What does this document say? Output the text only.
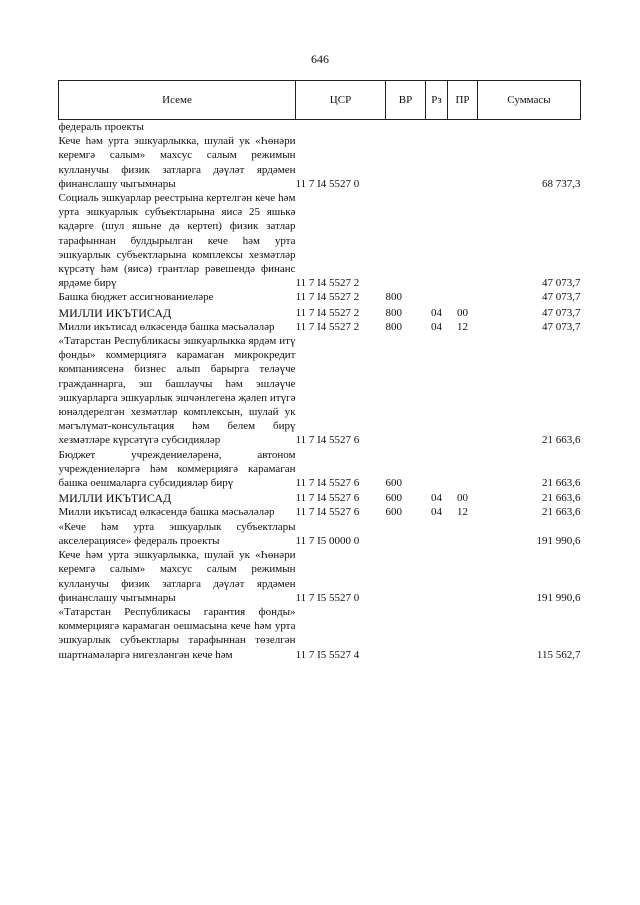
646
Исеме	ЦСР	ВР	Рз	ПР	Суммасы
федераль проекты					
Кече һәм урта эшкуарлыкка, шулай ук «Һөнәри керемгә салым» махсус салым режимын кулланучы физик затларга дәүләт ярдәмен финанслашу чыгымнары	11 7 I4 5527 0				68 737,3
Социаль эшкуарлар реестрына кертелгән кече һәм урта эшкуарлык субъектларына яисә 25 яшькә кадәрге (шул яшьне дә кертеп) физик затлар тарафыннан булдырылган кече һәм урта эшкуарлык субъектларына комплексы хезмәтләр күрсәтү һәм (яисә) грантлар рәвешендә финанс ярдәме бирү	11 7 I4 5527 2				47 073,7
Башка бюджет ассигнованиеләре	11 7 I4 5527 2	800			47 073,7
МИЛЛИ ИКЪТИСАД	11 7 I4 5527 2	800	04	00	47 073,7
Милли икътисад өлкәсендә башка мәсьәләләр	11 7 I4 5527 2	800	04	12	47 073,7
«Татарстан Республикасы эшкуарлыкка ярдәм итү фонды» коммерциягә карамаган микрокредит компаниясенә бизнес алып барырга теләүче гражданнарга, эш башлаучы һәм эшләүче эшкуарларга эшкуарлык эшчәнлегенә җәлеп итүгә юнәлдерелгән хезмәтләр комплексын, шулай ук мәгълүмат-консультация һәм белем бирү хезмәтләре күрсәтүгә субсидияләр	11 7 I4 5527 6				21 663,6
Бюджет учреждениеләренә, автоном учреждениеләргә һәм коммерциягә карамаган башка оешмаларга субсидияләр бирү	11 7 I4 5527 6	600			21 663,6
МИЛЛИ ИКЪТИСАД	11 7 I4 5527 6	600	04	00	21 663,6
Милли икътисад өлкәсендә башка мәсьәләләр	11 7 I4 5527 6	600	04	12	21 663,6
«Кече һәм урта эшкуарлык субъектлары акселерациясе» федераль проекты	11 7 I5 0000 0				191 990,6
Кече һәм урта эшкуарлыкка, шулай ук «Һөнәри керемгә салым» махсус салым режимын кулланучы физик затларга дәүләт ярдәмен финанслашу чыгымнары	11 7 I5 5527 0				191 990,6
«Татарстан Республикасы гарантия фонды» коммерциягә карамаган оешмасына кече һәм урта эшкуарлык субъектлары тарафыннан төзелгән шартнамәләргә нигезләнгән кече һәм	11 7 I5 5527 4				115 562,7
